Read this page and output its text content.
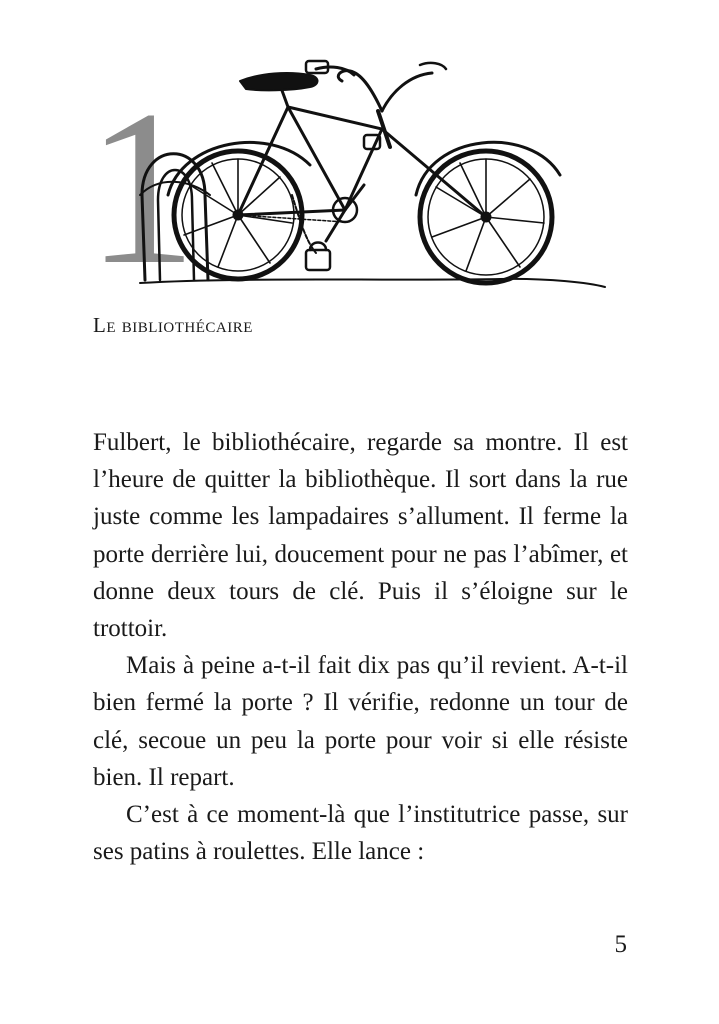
1
Le bibliothécaire

Fulbert, le bibliothécaire, regarde sa montre. Il est l’heure de quitter la bibliothèque. Il sort dans la rue juste comme les lampadaires s’allument. Il ferme la porte derrière lui, doucement pour ne pas l’abîmer, et donne deux tours de clé. Puis il s’éloigne sur le trottoir.

Mais à peine a-t-il fait dix pas qu’il revient. A-t-il bien fermé la porte ? Il vérifie, redonne un tour de clé, secoue un peu la porte pour voir si elle résiste bien. Il repart.

C’est à ce moment-là que l’institutrice passe, sur ses patins à roulettes. Elle lance :

5
